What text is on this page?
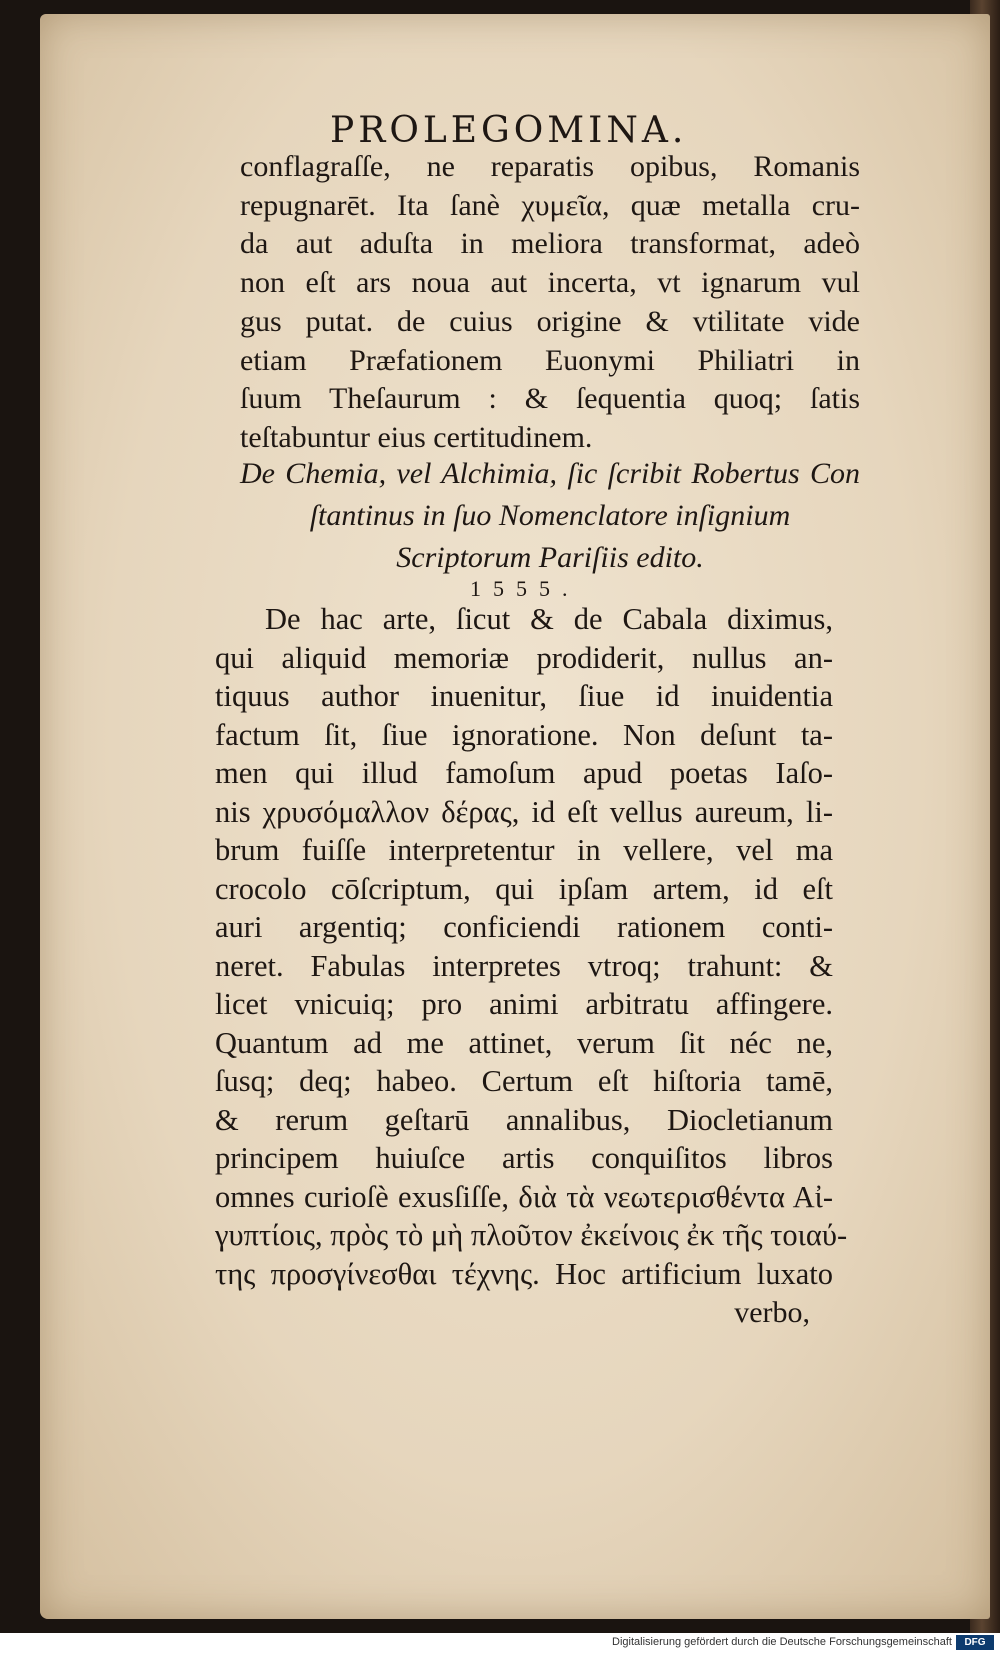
PROLEGOMINA.
conflagraſſe, ne reparatis opibus, Romanis
repugnarēt. Ita ſanè χυμεῖα, quæ metalla cru-
da aut aduſta in meliora transformat, adeò
non eſt ars noua aut incerta, vt ignarum vul
gus putat. de cuius origine & vtilitate vide
etiam Præfationem Euonymi Philiatri in
ſuum Theſaurum : & ſequentia quoq; ſatis
teſtabuntur eius certitudinem.
De Chemia, vel Alchimia, ſic ſcribit Robertus Con
ſtantinus in ſuo Nomenclatore inſignium
Scriptorum Pariſiis edito.
1555.
De hac arte, ſicut & de Cabala diximus,
qui aliquid memoriæ prodiderit, nullus an-
tiquus author inuenitur, ſiue id inuidentia
factum ſit, ſiue ignoratione. Non deſunt ta-
men qui illud famoſum apud poetas Iaſo-
nis χρυσόμαλλον δέρας, id eſt vellus aureum, li-
brum fuiſſe interpretentur in vellere, vel ma
crocolo cōſcriptum, qui ipſam artem, id eſt
auri argentiq; conficiendi rationem conti-
neret. Fabulas interpretes vtroq; trahunt: &
licet vnicuiq; pro animi arbitratu affingere.
Quantum ad me attinet, verum ſit néc ne,
ſusq; deq; habeo. Certum eſt hiſtoria tamē,
& rerum geſtarū annalibus, Diocletianum
principem huiuſce artis conquiſitos libros
omnes curioſè exusſiſſe, διὰ τὰ νεωτερισθέντα Αἰ-
γυπτίοις, πρὸς τὸ μὴ πλοῦτον ἐκείνοις ἐκ τῆς τοιαύ-
της προσγίνεσθαι τέχνης. Hoc artificium luxato
verbo,
Digitalisierung gefördert durch die Deutsche Forschungsgemeinschaft	DFG
